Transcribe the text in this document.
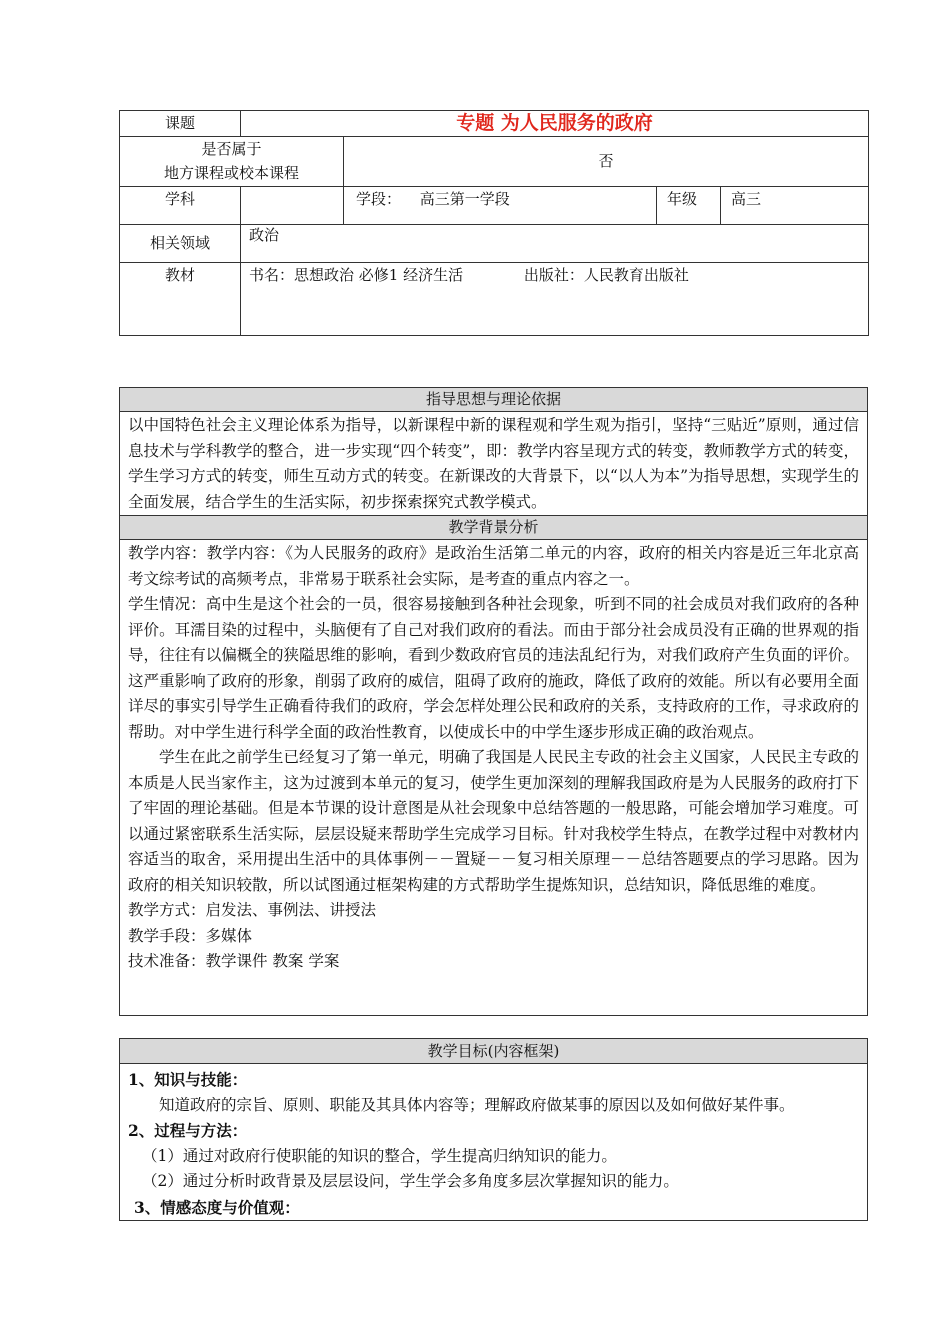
课题	专题 为人民服务的政府			

是否属于
地方课程或校本课程		否		
学科		学段： 高三第一学段	年级	高三
相关领域	政治			
教材	书名：思想政治 必修1 经济生活 出版社：人民教育出版社			
指导思想与理论依据

以中国特色社会主义理论体系为指导，以新课程中新的课程观和学生观为指引，坚持“三贴近”原则，通过信息技术与学科教学的整合，进一步实现“四个转变”，即：教学内容呈现方式的转变，教师教学方式的转变，学生学习方式的转变，师生互动方式的转变。在新课改的大背景下，以“以人为本”为指导思想，实现学生的全面发展，结合学生的生活实际，初步探索探究式教学模式。

教学背景分析

教学内容：教学内容：《为人民服务的政府》是政治生活第二单元的内容，政府的相关内容是近三年北京高考文综考试的高频考点，非常易于联系社会实际，是考查的重点内容之一。

学生情况：高中生是这个社会的一员，很容易接触到各种社会现象，听到不同的社会成员对我们政府的各种评价。耳濡目染的过程中，头脑便有了自己对我们政府的看法。而由于部分社会成员没有正确的世界观的指导，往往有以偏概全的狭隘思维的影响，看到少数政府官员的违法乱纪行为，对我们政府产生负面的评价。这严重影响了政府的形象，削弱了政府的威信，阻碍了政府的施政，降低了政府的效能。所以有必要用全面详尽的事实引导学生正确看待我们的政府，学会怎样处理公民和政府的关系，支持政府的工作，寻求政府的帮助。对中学生进行科学全面的政治性教育，以使成长中的中学生逐步形成正确的政治观点。

学生在此之前学生已经复习了第一单元，明确了我国是人民民主专政的社会主义国家，人民民主专政的本质是人民当家作主，这为过渡到本单元的复习，使学生更加深刻的理解我国政府是为人民服务的政府打下了牢固的理论基础。但是本节课的设计意图是从社会现象中总结答题的一般思路，可能会增加学习难度。可以通过紧密联系生活实际，层层设疑来帮助学生完成学习目标。针对我校学生特点，在教学过程中对教材内容适当的取舍，采用提出生活中的具体事例－－置疑－－复习相关原理－－总结答题要点的学习思路。因为政府的相关知识较散，所以试图通过框架构建的方式帮助学生提炼知识，总结知识，降低思维的难度。

教学方式：启发法、事例法、讲授法

教学手段：多媒体

技术准备：教学课件 教案 学案

教学目标(内容框架)

1、知识与技能：

知道政府的宗旨、原则、职能及其具体内容等；理解政府做某事的原因以及如何做好某件事。

2、过程与方法：

（1）通过对政府行使职能的知识的整合，学生提高归纳知识的能力。

（2）通过分析时政背景及层层设问，学生学会多角度多层次掌握知识的能力。

3、情感态度与价值观：
